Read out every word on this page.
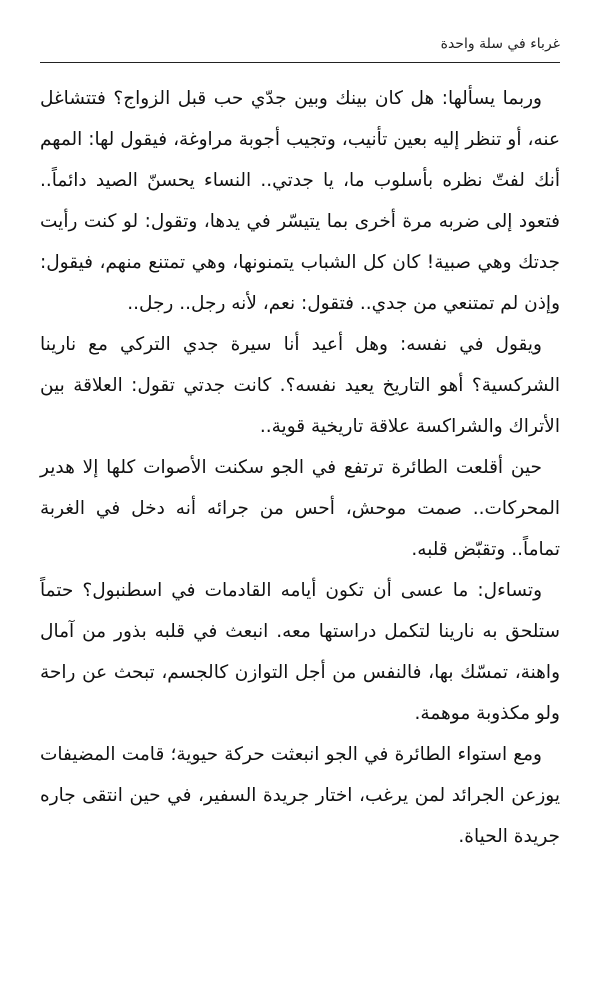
غرباء في سلة واحدة

وربما يسألها: هل كان بينك وبين جدّي حب قبل الزواج؟ فتتشاغل عنه، أو تنظر إليه بعين تأنيب، وتجيب أجوبة مراوغة، فيقول لها: المهم أنك لفتّ نظره بأسلوب ما، يا جدتي.. النساء يحسنّ الصيد دائماً.. فتعود إلى ضربه مرة أخرى بما يتيسّر في يدها، وتقول: لو كنت رأيت جدتك وهي صبية! كان كل الشباب يتمنونها، وهي تمتنع منهم، فيقول: وإذن لم تمتنعي من جدي.. فتقول: نعم، لأنه رجل.. رجل..

ويقول في نفسه: وهل أعيد أنا سيرة جدي التركي مع نارينا الشركسية؟ أهو التاريخ يعيد نفسه؟. كانت جدتي تقول: العلاقة بين الأتراك والشراكسة علاقة تاريخية قوية..

حين أقلعت الطائرة ترتفع في الجو سكنت الأصوات كلها إلا هدير المحركات.. صمت موحش، أحس من جرائه أنه دخل في الغربة تماماً.. وتقبّض قلبه.

وتساءل: ما عسى أن تكون أيامه القادمات في اسطنبول؟ حتماً ستلحق به نارينا لتكمل دراستها معه. انبعث في قلبه بذور من آمال واهنة، تمسّك بها، فالنفس من أجل التوازن كالجسم، تبحث عن راحة ولو مكذوبة موهمة.

ومع استواء الطائرة في الجو انبعثت حركة حيوية؛ قامت المضيفات يوزعن الجرائد لمن يرغب، اختار جريدة السفير، في حين انتقى جاره جريدة الحياة.
